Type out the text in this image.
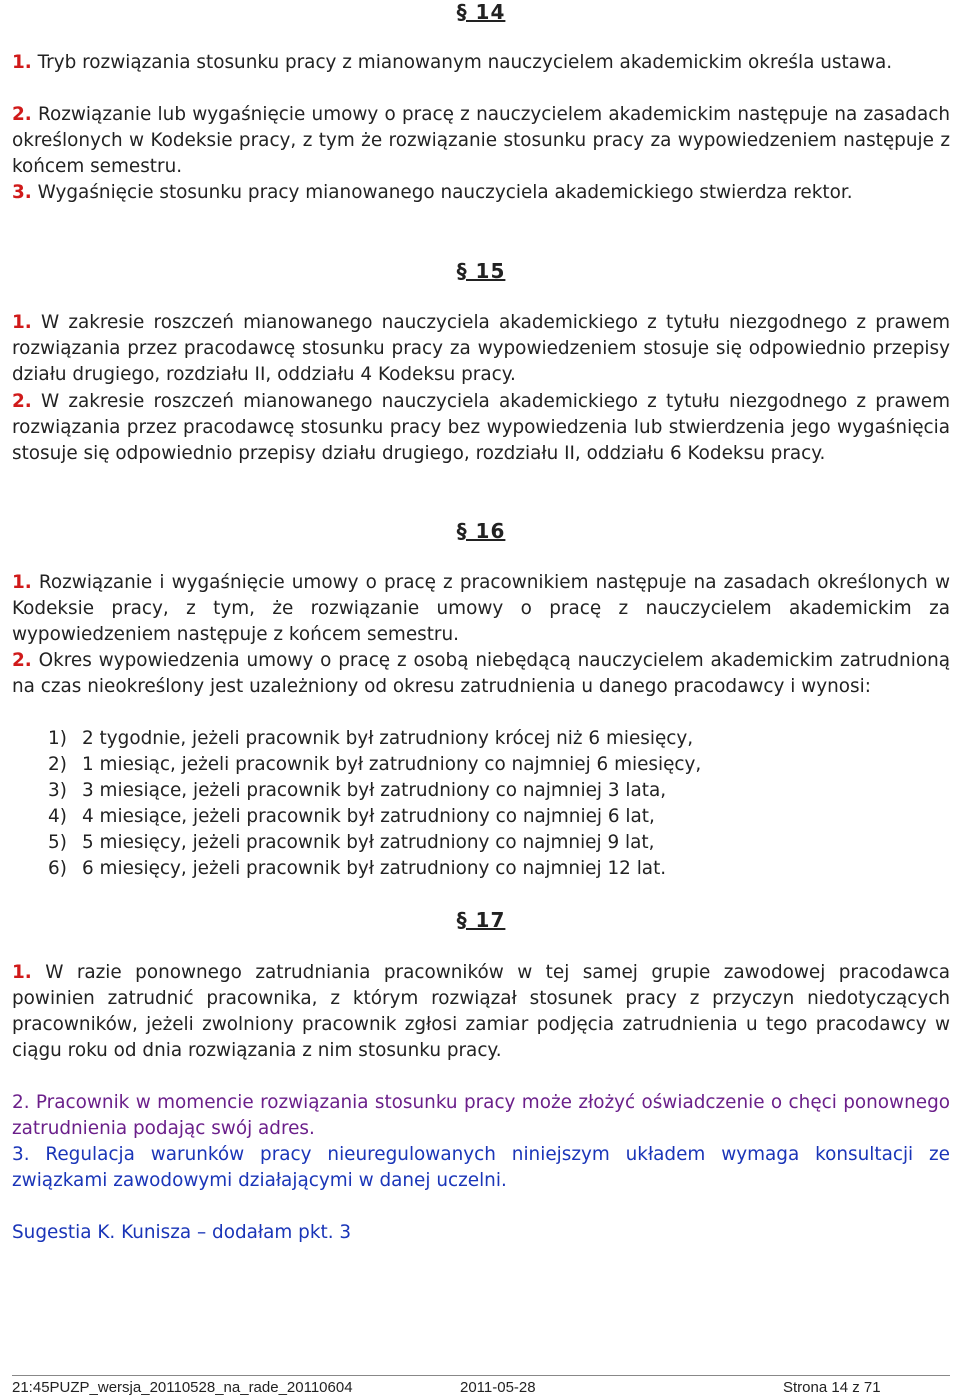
§ 14
1. Tryb rozwiązania stosunku pracy z mianowanym nauczycielem akademickim określa ustawa.
2. Rozwiązanie lub wygaśnięcie umowy o pracę z nauczycielem akademickim następuje na zasadach określonych w Kodeksie pracy, z tym że rozwiązanie stosunku pracy za wypowiedzeniem następuje z końcem semestru.
3. Wygaśnięcie stosunku pracy mianowanego nauczyciela akademickiego stwierdza rektor.
§ 15
1. W zakresie roszczeń mianowanego nauczyciela akademickiego z tytułu niezgodnego z prawem rozwiązania przez pracodawcę stosunku pracy za wypowiedzeniem stosuje się odpowiednio przepisy działu drugiego, rozdziału II, oddziału 4 Kodeksu pracy.
2. W zakresie roszczeń mianowanego nauczyciela akademickiego z tytułu niezgodnego z prawem rozwiązania przez pracodawcę stosunku pracy bez wypowiedzenia lub stwierdzenia jego wygaśnięcia stosuje się odpowiednio przepisy działu drugiego, rozdziału II, oddziału 6 Kodeksu pracy.
§ 16
1. Rozwiązanie i wygaśnięcie umowy o pracę z pracownikiem następuje na zasadach określonych w Kodeksie pracy, z tym, że rozwiązanie umowy o pracę z nauczycielem akademickim za wypowiedzeniem następuje z końcem semestru.
2. Okres wypowiedzenia umowy o pracę z osobą niebędącą nauczycielem akademickim zatrudnioną na czas nieokreślony jest uzależniony od okresu zatrudnienia u danego pracodawcy i wynosi:
1) 2 tygodnie, jeżeli pracownik był zatrudniony krócej niż 6 miesięcy,
2) 1 miesiąc, jeżeli pracownik był zatrudniony co najmniej 6 miesięcy,
3) 3 miesiące, jeżeli pracownik był zatrudniony co najmniej 3 lata,
4) 4 miesiące, jeżeli pracownik był zatrudniony co najmniej 6 lat,
5) 5 miesięcy, jeżeli pracownik był zatrudniony co najmniej 9 lat,
6) 6 miesięcy, jeżeli pracownik był zatrudniony co najmniej 12 lat.
§ 17
1. W razie ponownego zatrudniania pracowników w tej samej grupie zawodowej pracodawca powinien zatrudnić pracownika, z którym rozwiązał stosunek pracy z przyczyn niedotyczących pracowników, jeżeli zwolniony pracownik zgłosi zamiar podjęcia zatrudnienia u tego pracodawcy w ciągu roku od dnia rozwiązania z nim stosunku pracy.
2. Pracownik w momencie rozwiązania stosunku pracy może złożyć oświadczenie o chęci ponownego zatrudnienia podając swój adres.
3. Regulacja warunków pracy nieuregulowanych niniejszym układem wymaga konsultacji ze związkami zawodowymi działającymi w danej uczelni.
Sugestia K. Kunisza – dodałam pkt. 3
21:45PUZP_wersja_20110528_na_rade_20110604	2011-05-28	Strona 14 z 71
